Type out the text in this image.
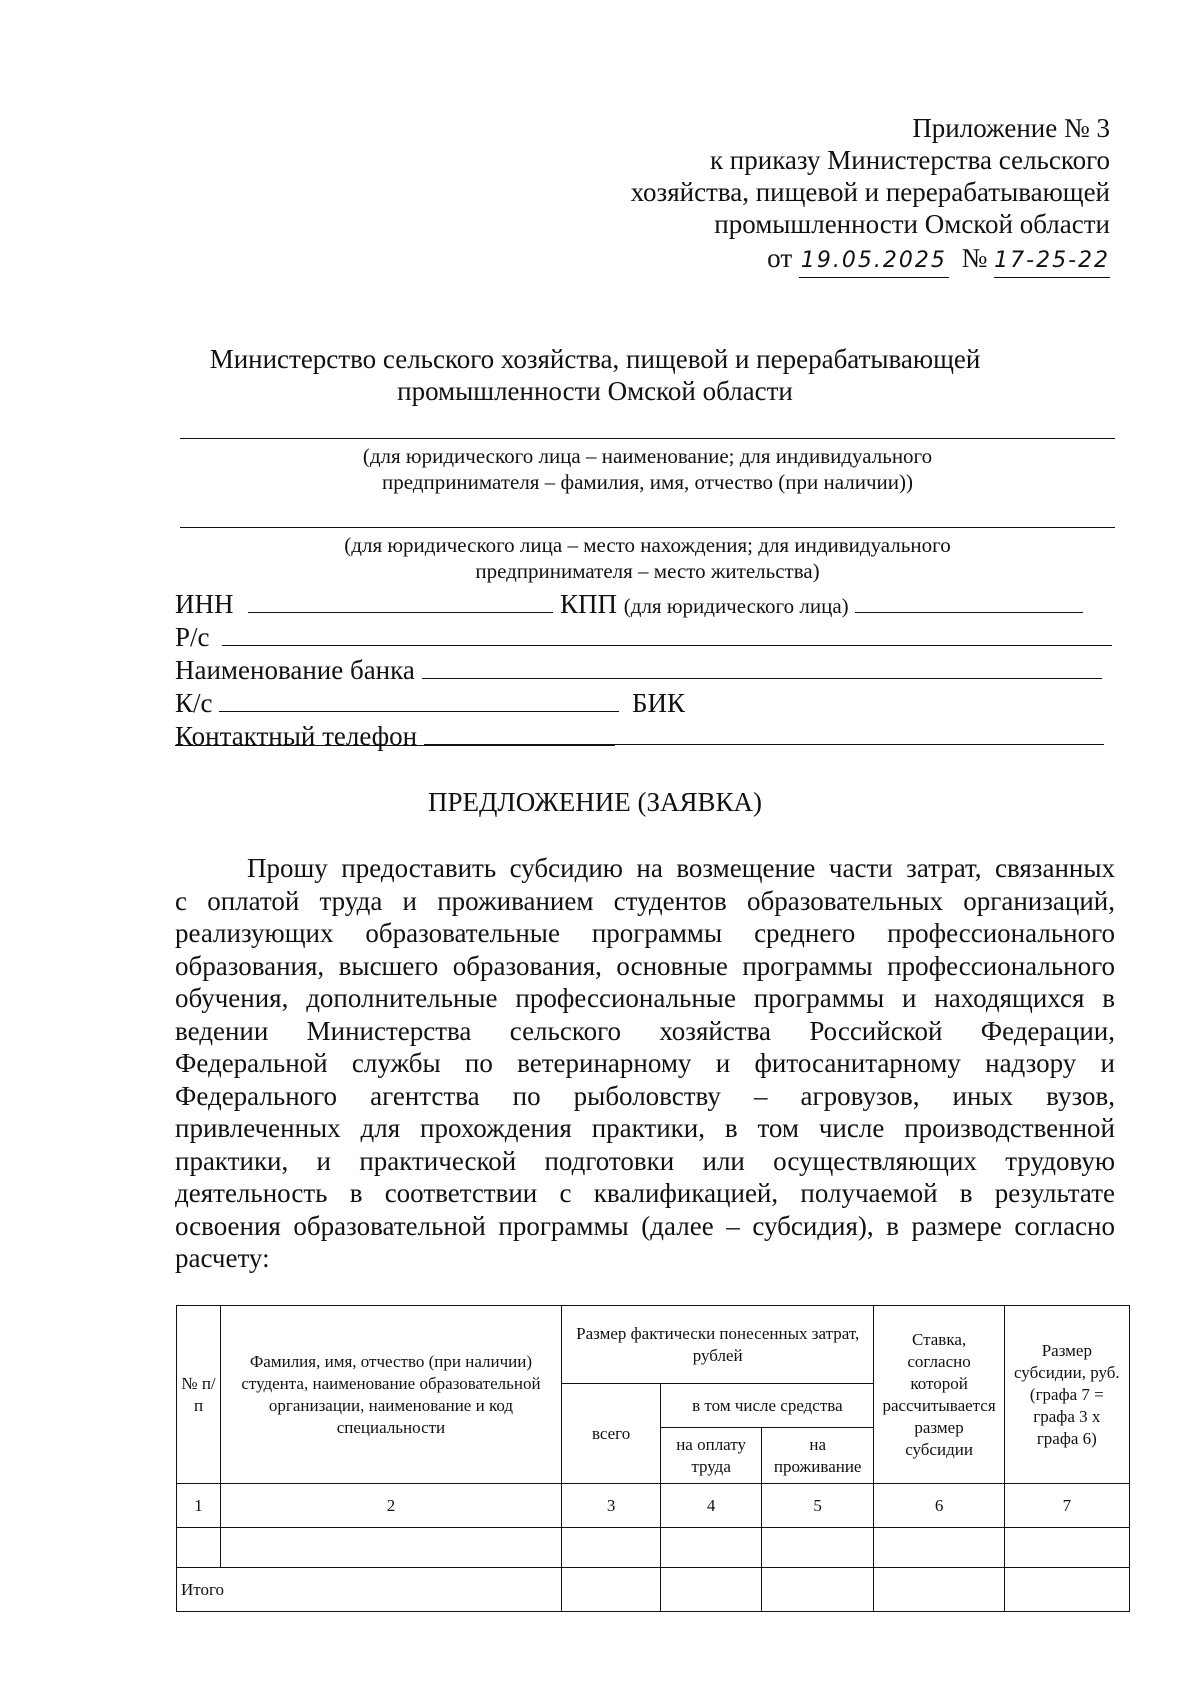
Приложение № 3
к приказу Министерства сельского
хозяйства, пищевой и перерабатывающей
промышленности Омской области
от 19.05.2025 № 17-25-22
Министерство сельского хозяйства, пищевой и перерабатывающей
промышленности Омской области
(для юридического лица – наименование; для индивидуального
предпринимателя – фамилия, имя, отчество (при наличии))
(для юридического лица – место нахождения; для индивидуального
предпринимателя – место жительства)
ИНН	КПП (для юридического лица)
Р/с
Наименование банка
К/с	БИК
Контактный телефон
ПРЕДЛОЖЕНИЕ (ЗАЯВКА)
Прошу предоставить субсидию на возмещение части затрат, связанных
с оплатой труда и проживанием студентов образовательных организаций,
реализующих образовательные программы среднего профессионального
образования, высшего образования, основные программы профессионального
обучения, дополнительные профессиональные программы и находящихся в
ведении Министерства сельского хозяйства Российской Федерации,
Федеральной службы по ветеринарному и фитосанитарному надзору и
Федерального агентства по рыболовству – агровузов, иных вузов,
привлеченных для прохождения практики, в том числе производственной
практики, и практической подготовки или осуществляющих трудовую
деятельность в соответствии с квалификацией, получаемой в результате
освоения образовательной программы (далее – субсидия), в размере согласно
расчету:
№ п/п	Фамилия, имя, отчество (при наличии) студента, наименование образовательной организации, наименование и код специальности	Размер фактически понесенных затрат, рублей			Ставка, согласно которой рассчитывается размер субсидии	Размер субсидии, руб. (графа 7 = графа 3 x графа 6)
		всего	в том числе средства			
			на оплату труда	на проживание		
1	2	3	4	5	6	7

Итого						
